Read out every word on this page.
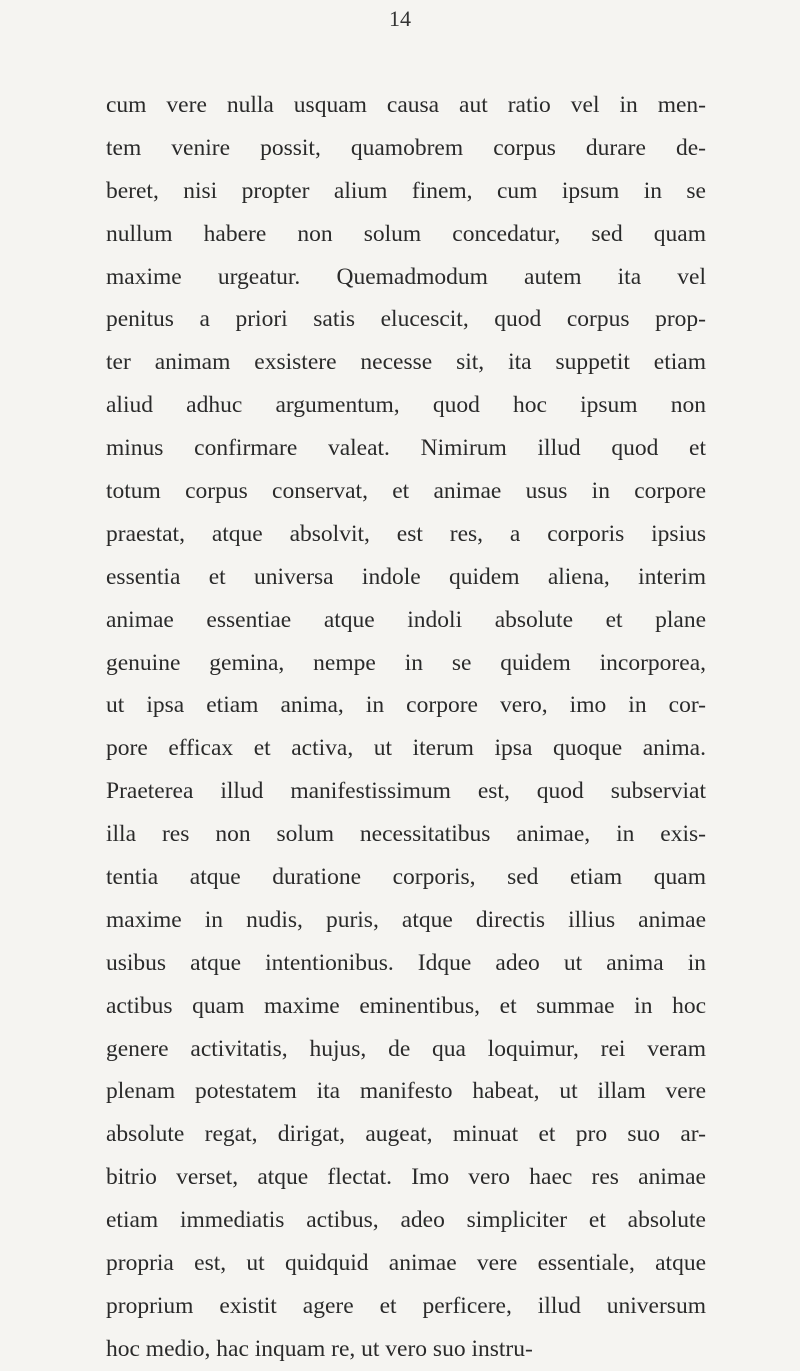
14
cum vere nulla usquam causa aut ratio vel in men-
tem venire possit, quamobrem corpus durare de-
beret, nisi propter alium finem, cum ipsum in se
nullum habere non solum concedatur, sed quam
maxime urgeatur. Quemadmodum autem ita vel
penitus a priori satis elucescit, quod corpus prop-
ter animam exsistere necesse sit, ita suppetit etiam
aliud adhuc argumentum, quod hoc ipsum non
minus confirmare valeat. Nimirum illud quod et
totum corpus conservat, et animae usus in corpore
praestat, atque absolvit, est res, a corporis ipsius
essentia et universa indole quidem aliena, interim
animae essentiae atque indoli absolute et plane
genuine gemina, nempe in se quidem incorporea,
ut ipsa etiam anima, in corpore vero, imo in cor-
pore efficax et activa, ut iterum ipsa quoque anima.
Praeterea illud manifestissimum est, quod subserviat
illa res non solum necessitatibus animae, in exis-
tentia atque duratione corporis, sed etiam quam
maxime in nudis, puris, atque directis illius animae
usibus atque intentionibus. Idque adeo ut anima in
actibus quam maxime eminentibus, et summae in hoc
genere activitatis, hujus, de qua loquimur, rei veram
plenam potestatem ita manifesto habeat, ut illam vere
absolute regat, dirigat, augeat, minuat et pro suo ar-
bitrio verset, atque flectat. Imo vero haec res animae
etiam immediatis actibus, adeo simpliciter et absolute
propria est, ut quidquid animae vere essentiale, atque
proprium existit agere et perficere, illud universum
hoc medio, hac inquam re, ut vero suo instru-
